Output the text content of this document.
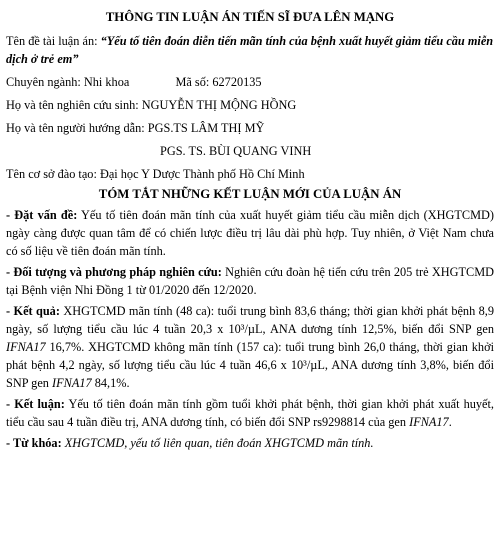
THÔNG TIN LUẬN ÁN TIẾN SĨ ĐƯA LÊN MẠNG
Tên đề tài luận án: “Yếu tố tiên đoán diễn tiến mãn tính của bệnh xuất huyết giảm tiểu cầu miễn dịch ở trẻ em”
Chuyên ngành: Nhi khoa	Mã số: 62720135
Họ và tên nghiên cứu sinh: NGUYỄN THỊ MỘNG HỒNG
Họ và tên người hướng dẫn: PGS.TS LÂM THỊ MỸ
PGS. TS. BÙI QUANG VINH
Tên cơ sở đào tạo: Đại học Y Dược Thành phố Hồ Chí Minh
TÓM TẮT NHỮNG KẾT LUẬN MỚI CỦA LUẬN ÁN
- Đặt vấn đề: Yếu tố tiên đoán mãn tính của xuất huyết giảm tiểu cầu miễn dịch (XHGTCMD) ngày càng được quan tâm để có chiến lược điều trị lâu dài phù hợp. Tuy nhiên, ở Việt Nam chưa có số liệu về tiên đoán mãn tính.
- Đối tượng và phương pháp nghiên cứu: Nghiên cứu đoàn hệ tiến cứu trên 205 trẻ XHGTCMD tại Bệnh viện Nhi Đồng 1 từ 01/2020 đến 12/2020.
- Kết quả: XHGTCMD mãn tính (48 ca): tuổi trung bình 83,6 tháng; thời gian khởi phát bệnh 8,9 ngày, số lượng tiểu cầu lúc 4 tuần 20,3 x 10³/µL, ANA dương tính 12,5%, biến đổi SNP gen IFNA17 16,7%. XHGTCMD không mãn tính (157 ca): tuổi trung bình 26,0 tháng, thời gian khởi phát bệnh 4,2 ngày, số lượng tiểu cầu lúc 4 tuần 46,6 x 10³/µL, ANA dương tính 3,8%, biến đổi SNP gen IFNA17 84,1%.
- Kết luận: Yếu tố tiên đoán mãn tính gồm tuổi khởi phát bệnh, thời gian khởi phát xuất huyết, tiểu cầu sau 4 tuần điều trị, ANA dương tính, có biến đổi SNP rs9298814 của gen IFNA17.
- Từ khóa: XHGTCMD, yếu tố liên quan, tiên đoán XHGTCMD mãn tính.
